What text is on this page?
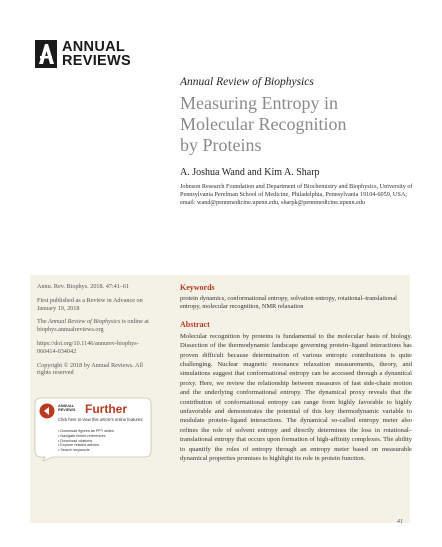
ANNUAL
REVIEWS
Annual Review of Biophysics
Measuring Entropy in
Molecular Recognition
by Proteins
A. Joshua Wand and Kim A. Sharp
Johnson Research Foundation and Department of Biochemistry and Biophysics, University of Pennsylvania Perelman School of Medicine, Philadelphia, Pennsylvania 19104-6059, USA; email: wand@pennmedicine.upenn.edu, sharpk@pennmedicine.upenn.edu

Annu. Rev. Biophys. 2018. 47:41–61

First published as a Review in Advance on January 19, 2018

The Annual Review of Biophysics is online at biophys.annualreviews.org

https://doi.org/10.1146/annurev-biophys-060414-034042

Copyright © 2018 by Annual Reviews. All rights reserved

ANNUAL
REVIEWS Further
Click here to view this article's online features:
• Download figures as PPT slides
• Navigate linked references
• Download citations
• Explore related articles
• Search keywords
Keywords
protein dynamics, conformational entropy, solvation entropy, rotational–translational entropy, molecular recognition, NMR relaxation
Abstract

Molecular recognition by proteins is fundamental to the molecular basis of biology. Dissection of the thermodynamic landscape governing protein–ligand interactions has proven difficult because determination of various entropic contributions is quite challenging. Nuclear magnetic resonance relaxation measurements, theory, and simulations suggest that conformational entropy can be accessed through a dynamical proxy. Here, we review the relationship between measures of fast side-chain motion and the underlying conformational entropy. The dynamical proxy reveals that the contribution of conformational entropy can range from highly favorable to highly unfavorable and demonstrates the potential of this key thermodynamic variable to modulate protein–ligand interactions. The dynamical so-called entropy meter also refines the role of solvent entropy and directly determines the loss in rotational–translational entropy that occurs upon formation of high-affinity complexes. The ability to quantify the roles of entropy through an entropy meter based on measurable dynamical properties promises to highlight its role in protein function.

41
